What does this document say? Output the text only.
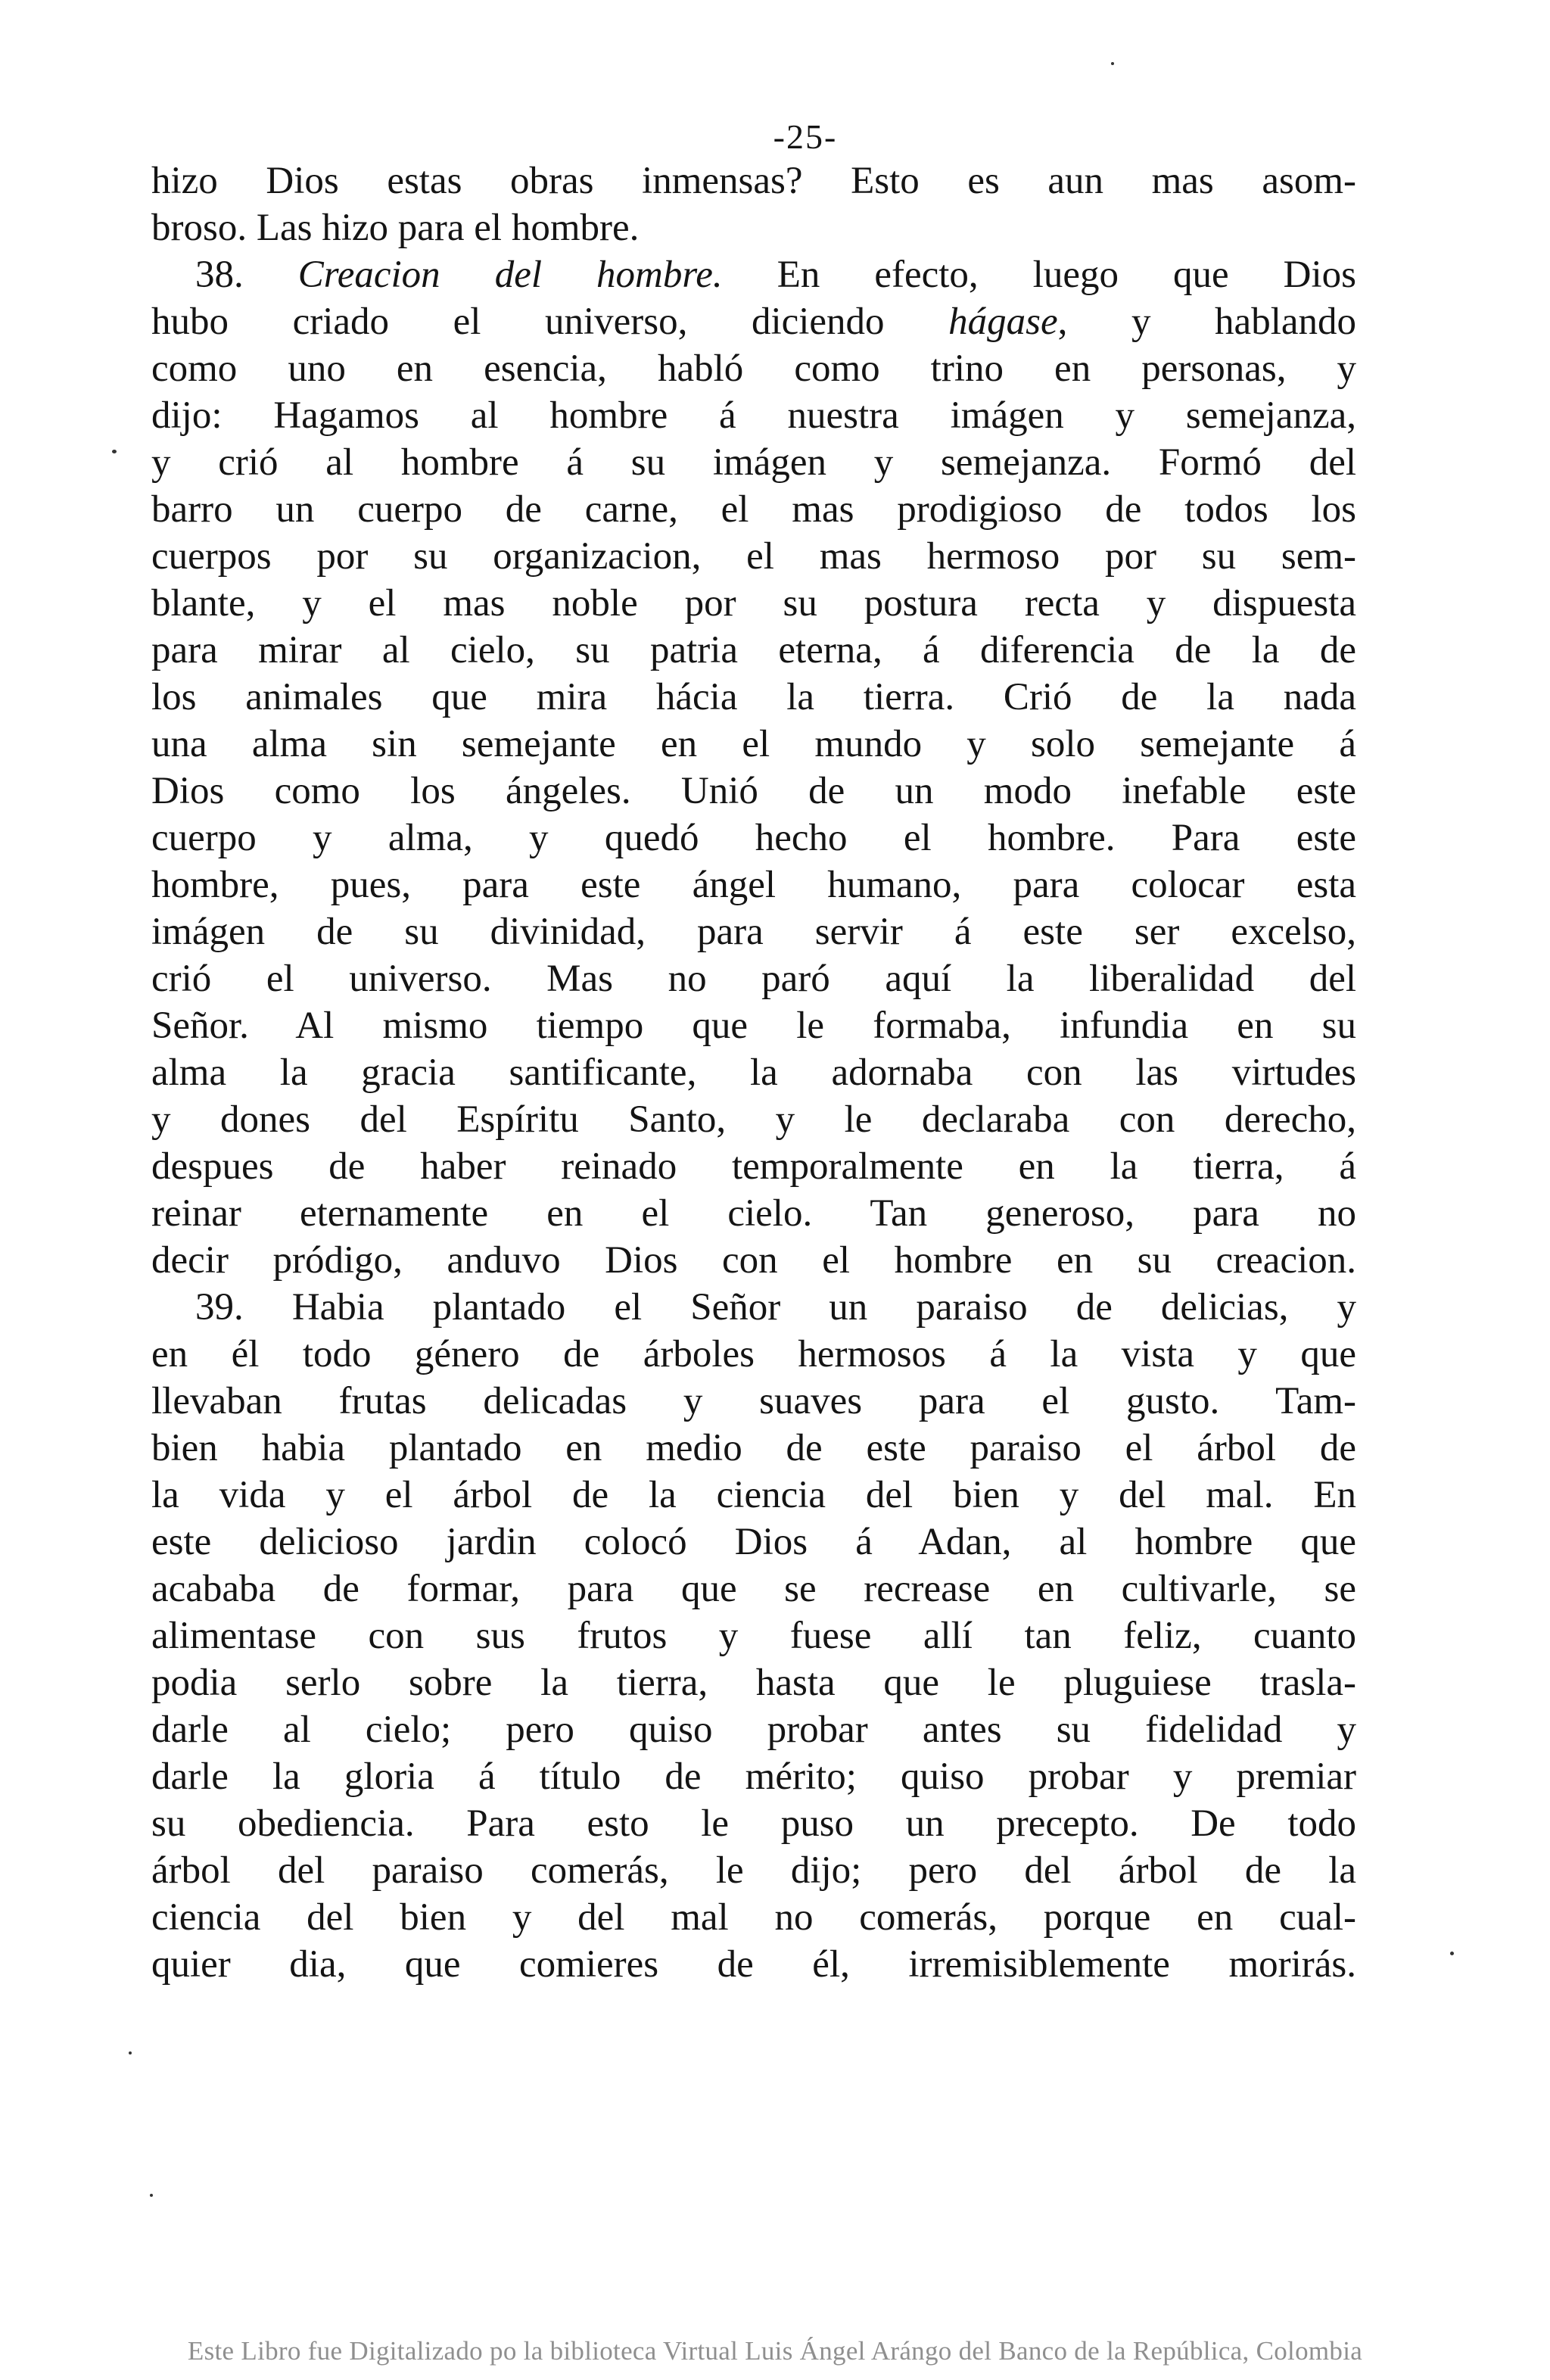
-25-
hizo Dios estas obras inmensas? Esto es aun mas asom-
broso. Las hizo para el hombre.
38. Creacion del hombre. En efecto, luego que Dios
hubo criado el universo, diciendo hágase, y hablando
como uno en esencia, habló como trino en personas, y
dijo: Hagamos al hombre á nuestra imágen y semejanza,
y crió al hombre á su imágen y semejanza. Formó del
barro un cuerpo de carne, el mas prodigioso de todos los
cuerpos por su organizacion, el mas hermoso por su sem-
blante, y el mas noble por su postura recta y dispuesta
para mirar al cielo, su patria eterna, á diferencia de la de
los animales que mira hácia la tierra. Crió de la nada
una alma sin semejante en el mundo y solo semejante á
Dios como los ángeles. Unió de un modo inefable este
cuerpo y alma, y quedó hecho el hombre. Para este
hombre, pues, para este ángel humano, para colocar esta
imágen de su divinidad, para servir á este ser excelso,
crió el universo. Mas no paró aquí la liberalidad del
Señor. Al mismo tiempo que le formaba, infundia en su
alma la gracia santificante, la adornaba con las virtudes
y dones del Espíritu Santo, y le declaraba con derecho,
despues de haber reinado temporalmente en la tierra, á
reinar eternamente en el cielo. Tan generoso, para no
decir pródigo, anduvo Dios con el hombre en su creacion.
39. Habia plantado el Señor un paraiso de delicias, y
en él todo género de árboles hermosos á la vista y que
llevaban frutas delicadas y suaves para el gusto. Tam-
bien habia plantado en medio de este paraiso el árbol de
la vida y el árbol de la ciencia del bien y del mal. En
este delicioso jardin colocó Dios á Adan, al hombre que
acababa de formar, para que se recrease en cultivarle, se
alimentase con sus frutos y fuese allí tan feliz, cuanto
podia serlo sobre la tierra, hasta que le pluguiese trasla-
darle al cielo; pero quiso probar antes su fidelidad y
darle la gloria á título de mérito; quiso probar y premiar
su obediencia. Para esto le puso un precepto. De todo
árbol del paraiso comerás, le dijo; pero del árbol de la
ciencia del bien y del mal no comerás, porque en cual-
quier dia, que comieres de él, irremisiblemente morirás.
Este Libro fue Digitalizado po la biblioteca Virtual Luis Ángel Arángo del Banco de la República, Colombia
